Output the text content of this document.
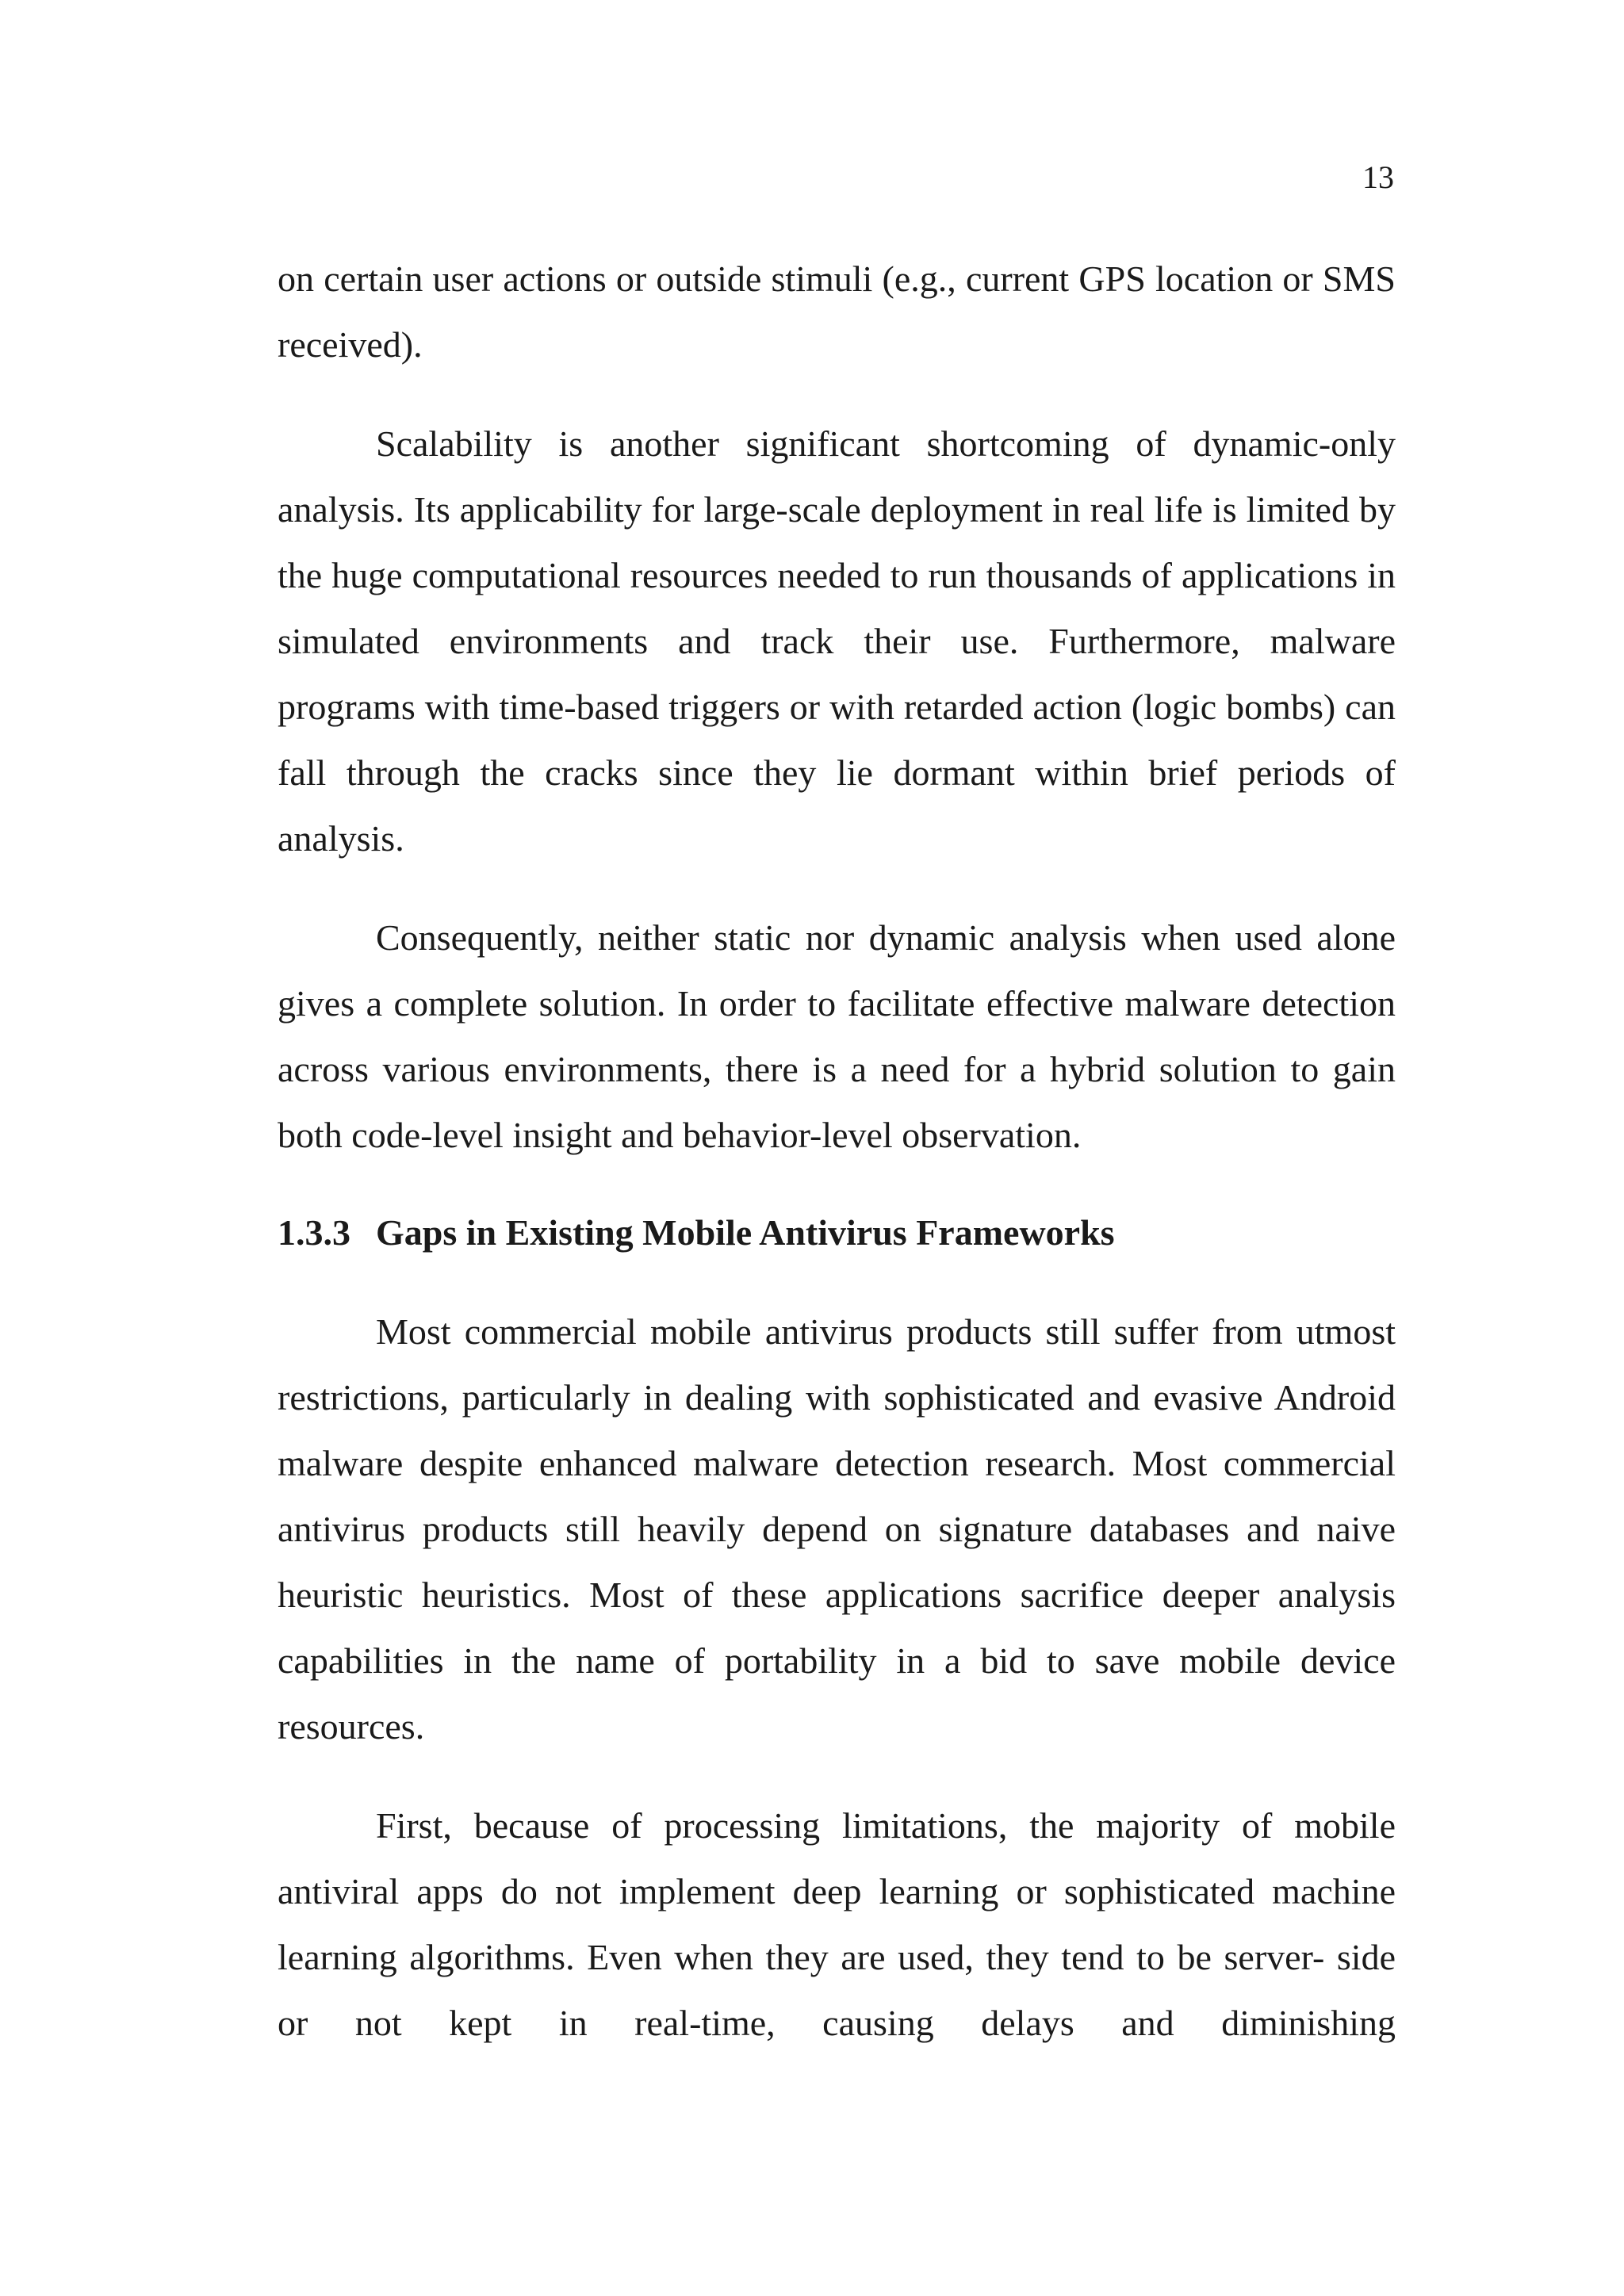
13

on certain user actions or outside stimuli (e.g., current GPS location or SMS received).

Scalability is another significant shortcoming of dynamic-only analysis. Its applicability for large-scale deployment in real life is limited by the huge computational resources needed to run thousands of applications in simulated environments and track their use. Furthermore, malware programs with time-based triggers or with retarded action (logic bombs) can fall through the cracks since they lie dormant within brief periods of analysis.

Consequently, neither static nor dynamic analysis when used alone gives a complete solution. In order to facilitate effective malware detection across various environments, there is a need for a hybrid solution to gain both code-level insight and behavior-level observation.

1.3.3 Gaps in Existing Mobile Antivirus Frameworks

Most commercial mobile antivirus products still suffer from utmost restrictions, particularly in dealing with sophisticated and evasive Android malware despite enhanced malware detection research. Most commercial antivirus products still heavily depend on signature databases and naive heuristic heuristics. Most of these applications sacrifice deeper analysis capabilities in the name of portability in a bid to save mobile device resources.

First, because of processing limitations, the majority of mobile antiviral apps do not implement deep learning or sophisticated machine learning algorithms. Even when they are used, they tend to be server- side or not kept in real-time, causing delays and diminishing
